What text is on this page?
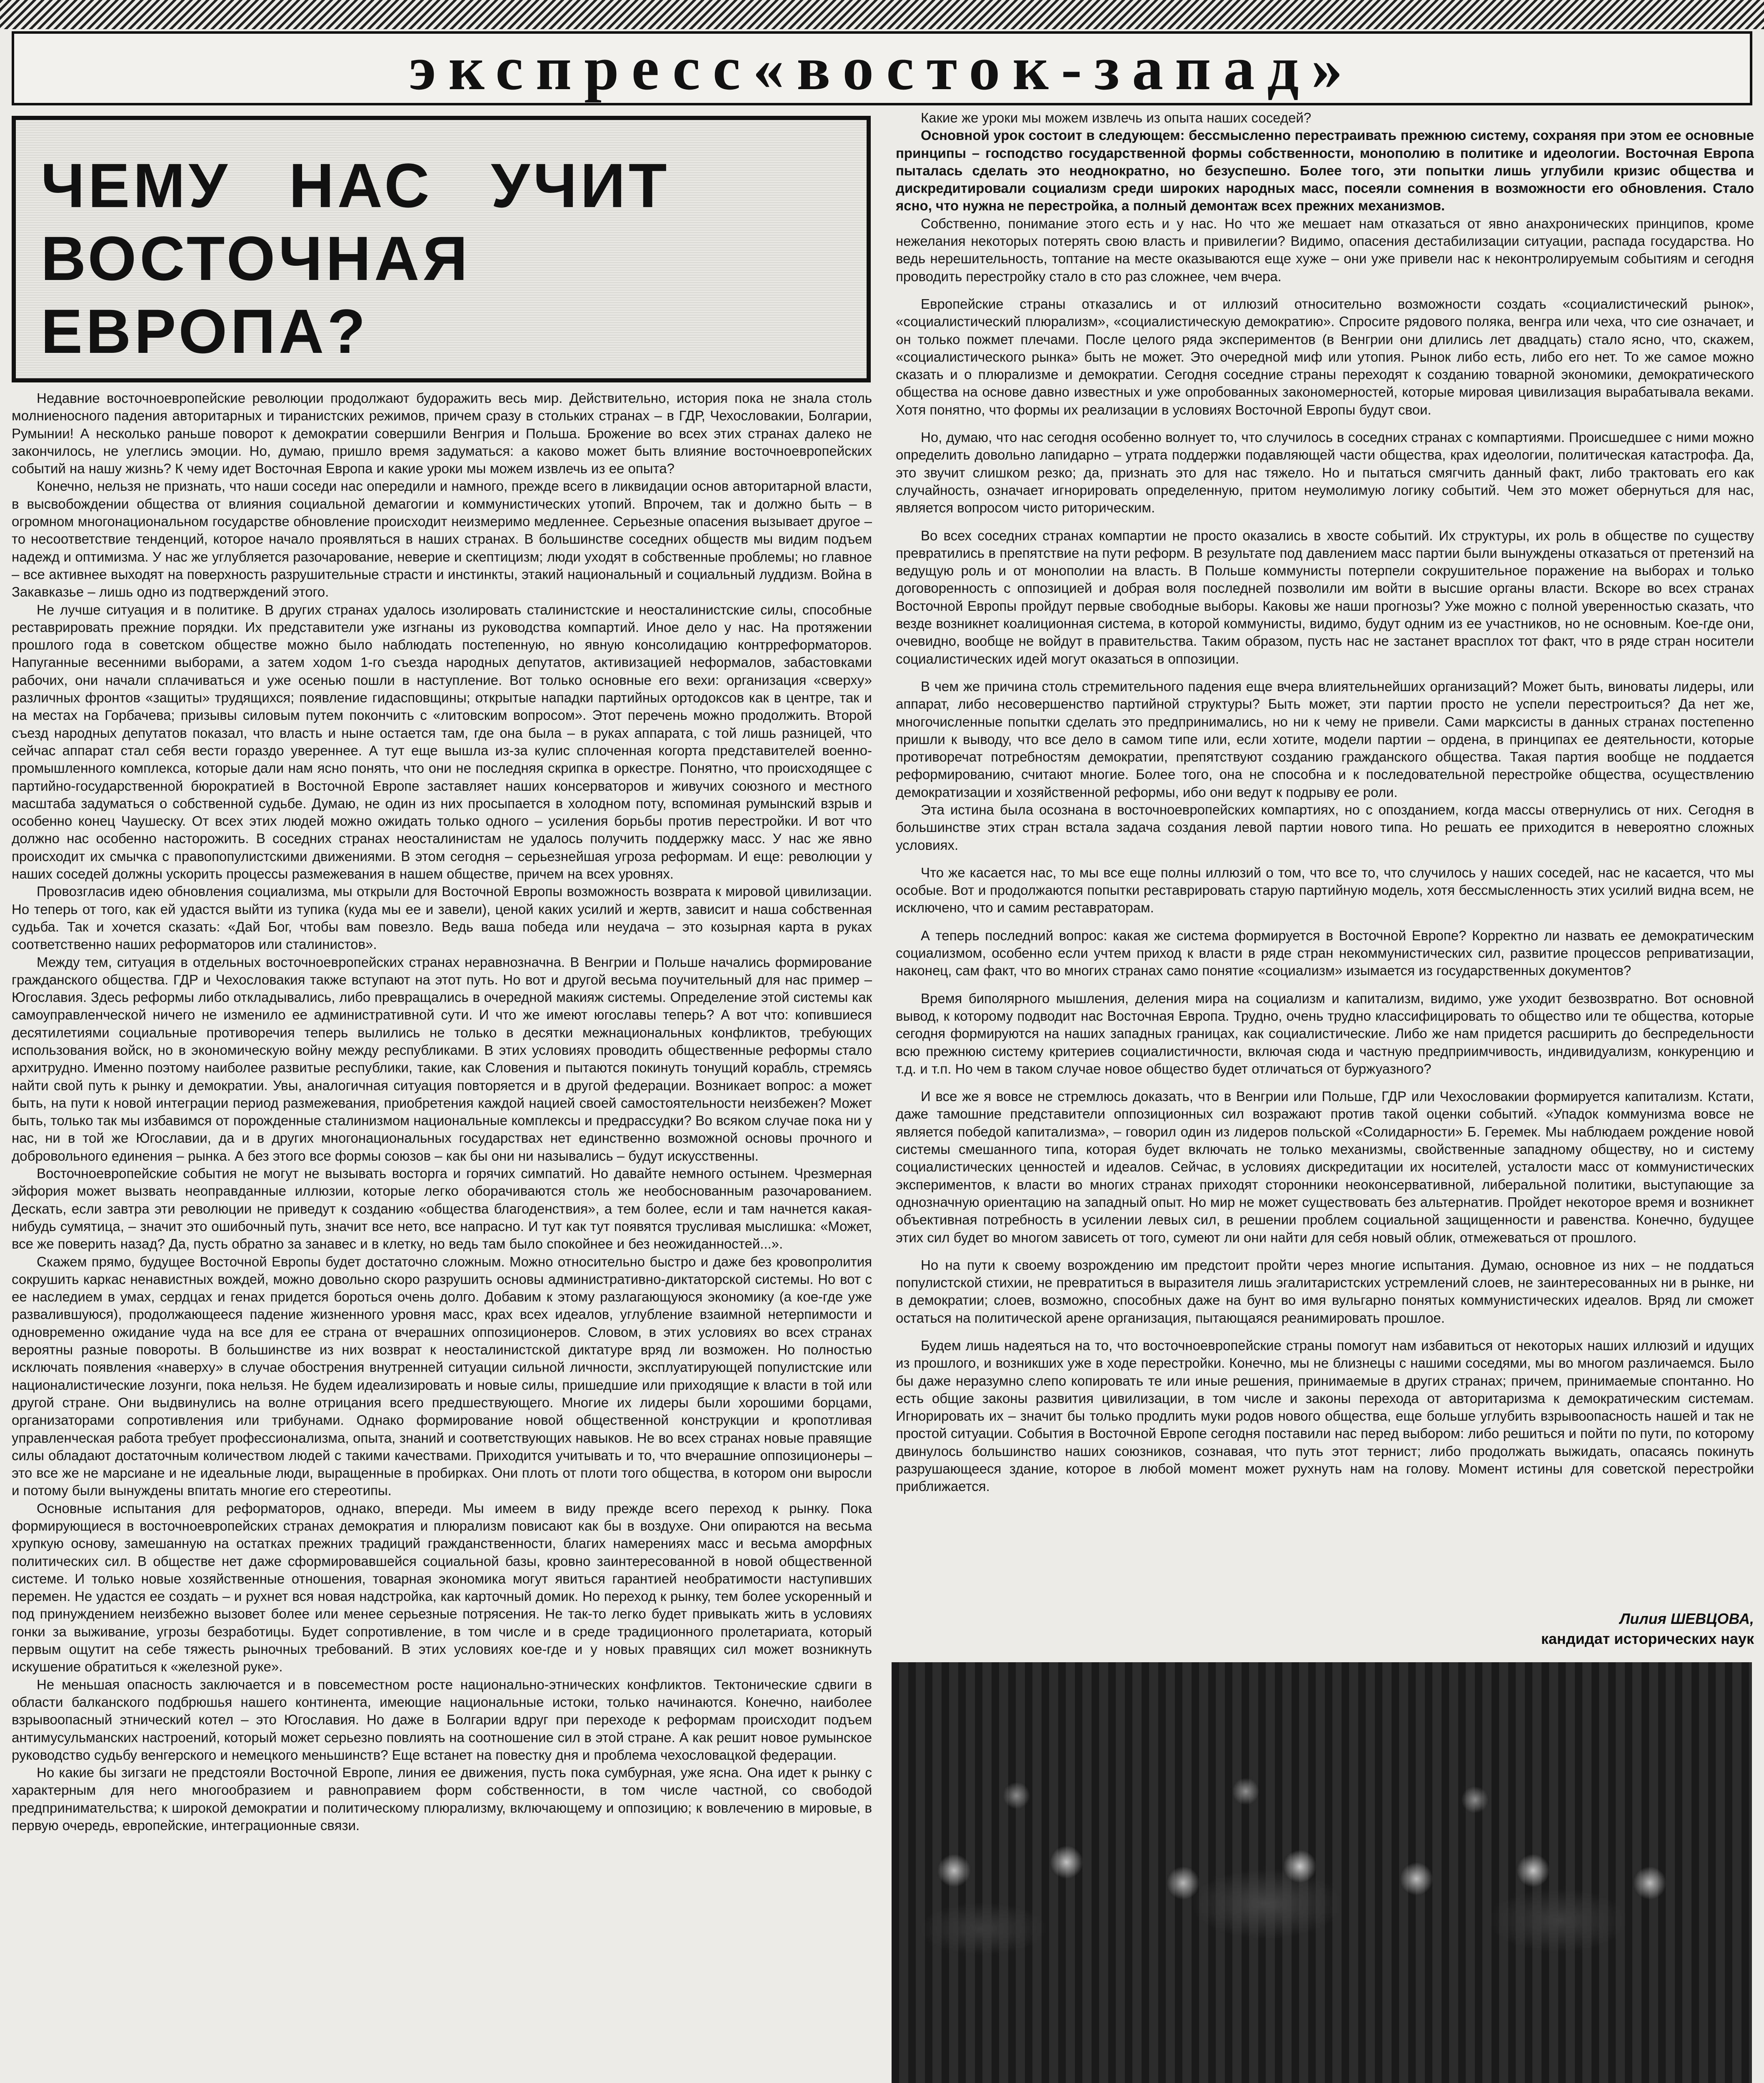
экспресс«восток-запад»
ЧЕМУ НАС УЧИТ
ВОСТОЧНАЯ ЕВРОПА?

Недавние восточноевропейские революции продолжают будоражить весь мир. Действительно, история пока не знала столь молниеносного падения авторитарных и тиранистских режимов, причем сразу в стольких странах – в ГДР, Чехословакии, Болгарии, Румынии! А несколько раньше поворот к демократии совершили Венгрия и Польша. Брожение во всех этих странах далеко не закончилось, не улеглись эмоции. Но, думаю, пришло время задуматься: а каково может быть влияние восточноевропейских событий на нашу жизнь? К чему идет Восточная Европа и какие уроки мы можем извлечь из ее опыта?

Конечно, нельзя не признать, что наши соседи нас опередили и намного, прежде всего в ликвидации основ авторитарной власти, в высвобождении общества от влияния социальной демагогии и коммунистических утопий. Впрочем, так и должно быть – в огромном многонациональном государстве обновление происходит неизмеримо медленнее. Серьезные опасения вызывает другое – то несоответствие тенденций, которое начало проявляться в наших странах. В большинстве соседних обществ мы видим подъем надежд и оптимизма. У нас же углубляется разочарование, неверие и скептицизм; люди уходят в собственные проблемы; но главное – все активнее выходят на поверхность разрушительные страсти и инстинкты, этакий национальный и социальный луддизм. Война в Закавказье – лишь одно из подтверждений этого.

Не лучше ситуация и в политике. В других странах удалось изолировать сталинистские и неосталинистские силы, способные реставрировать прежние порядки. Их представители уже изгнаны из руководства компартий. Иное дело у нас. На протяжении прошлого года в советском обществе можно было наблюдать постепенную, но явную консолидацию контрреформаторов. Напуганные весенними выборами, а затем ходом 1-го съезда народных депутатов, активизацией неформалов, забастовками рабочих, они начали сплачиваться и уже осенью пошли в наступление. Вот только основные его вехи: организация «сверху» различных фронтов «защиты» трудящихся; появление гидасповщины; открытые нападки партийных ортодоксов как в центре, так и на местах на Горбачева; призывы силовым путем покончить с «литовским вопросом». Этот перечень можно продолжить. Второй съезд народных депутатов показал, что власть и ныне остается там, где она была – в руках аппарата, с той лишь разницей, что сейчас аппарат стал себя вести гораздо увереннее. А тут еще вышла из-за кулис сплоченная когорта представителей военно-промышленного комплекса, которые дали нам ясно понять, что они не последняя скрипка в оркестре. Понятно, что происходящее с партийно-государственной бюрократией в Восточной Европе заставляет наших консерваторов и живучих союзного и местного масштаба задуматься о собственной судьбе. Думаю, не один из них просыпается в холодном поту, вспоминая румынский взрыв и особенно конец Чаушеску. От всех этих людей можно ожидать только одного – усиления борьбы против перестройки. И вот что должно нас особенно насторожить. В соседних странах неосталинистам не удалось получить поддержку масс. У нас же явно происходит их смычка с правопопулистскими движениями. В этом сегодня – серьезнейшая угроза реформам. И еще: революции у наших соседей должны ускорить процессы размежевания в нашем обществе, причем на всех уровнях.

Провозгласив идею обновления социализма, мы открыли для Восточной Европы возможность возврата к мировой цивилизации. Но теперь от того, как ей удастся выйти из тупика (куда мы ее и завели), ценой каких усилий и жертв, зависит и наша собственная судьба. Так и хочется сказать: «Дай Бог, чтобы вам повезло. Ведь ваша победа или неудача – это козырная карта в руках соответственно наших реформаторов или сталинистов».

Между тем, ситуация в отдельных восточноевропейских странах неравнозначна. В Венгрии и Польше начались формирование гражданского общества. ГДР и Чехословакия также вступают на этот путь. Но вот и другой весьма поучительный для нас пример – Югославия. Здесь реформы либо откладывались, либо превращались в очередной макияж системы. Определение этой системы как самоуправленческой ничего не изменило ее административной сути. И что же имеют югославы теперь? А вот что: копившиеся десятилетиями социальные противоречия теперь вылились не только в десятки межнациональных конфликтов, требующих использования войск, но в экономическую войну между республиками. В этих условиях проводить общественные реформы стало архитрудно. Именно поэтому наиболее развитые республики, такие, как Словения и пытаются покинуть тонущий корабль, стремясь найти свой путь к рынку и демократии. Увы, аналогичная ситуация повторяется и в другой федерации. Возникает вопрос: а может быть, на пути к новой интеграции период размежевания, приобретения каждой нацией своей самостоятельности неизбежен? Может быть, только так мы избавимся от порожденные сталинизмом национальные комплексы и предрассудки? Во всяком случае пока ни у нас, ни в той же Югославии, да и в других многонациональных государствах нет единственно возможной основы прочного и добровольного единения – рынка. А без этого все формы союзов – как бы они ни назывались – будут искусственны.

Восточноевропейские события не могут не вызывать восторга и горячих симпатий. Но давайте немного остынем. Чрезмерная эйфория может вызвать неоправданные иллюзии, которые легко оборачиваются столь же необоснованным разочарованием. Дескать, если завтра эти революции не приведут к созданию «общества благоденствия», а тем более, если и там начнется какая-нибудь сумятица, – значит это ошибочный путь, значит все нето, все напрасно. И тут как тут появятся трусливая мыслишка: «Может, все же поверить назад? Да, пусть обратно за занавес и в клетку, но ведь там было спокойнее и без неожиданностей...».

Скажем прямо, будущее Восточной Европы будет достаточно сложным. Можно относительно быстро и даже без кровопролития сокрушить каркас ненавистных вождей, можно довольно скоро разрушить основы административно-диктаторской системы. Но вот с ее наследием в умах, сердцах и генах придется бороться очень долго. Добавим к этому разлагающуюся экономику (а кое-где уже развалившуюся), продолжающееся падение жизненного уровня масс, крах всех идеалов, углубление взаимной нетерпимости и одновременно ожидание чуда на все для ее страна от вчерашних оппозиционеров. Словом, в этих условиях во всех странах вероятны разные повороты. В большинстве из них возврат к неосталинистской диктатуре вряд ли возможен. Но полностью исключать появления «наверху» в случае обострения внутренней ситуации сильной личности, эксплуатирующей популистские или националистические лозунги, пока нельзя. Не будем идеализировать и новые силы, пришедшие или приходящие к власти в той или другой стране. Они выдвинулись на волне отрицания всего предшествующего. Многие их лидеры были хорошими борцами, организаторами сопротивления или трибунами. Однако формирование новой общественной конструкции и кропотливая управленческая работа требует профессионализма, опыта, знаний и соответствующих навыков. Не во всех странах новые правящие силы обладают достаточным количеством людей с такими качествами. Приходится учитывать и то, что вчерашние оппозиционеры – это все же не марсиане и не идеальные люди, выращенные в пробирках. Они плоть от плоти того общества, в котором они выросли и потому были вынуждены впитать многие его стереотипы.

Основные испытания для реформаторов, однако, впереди. Мы имеем в виду прежде всего переход к рынку. Пока формирующиеся в восточноевропейских странах демократия и плюрализм повисают как бы в воздухе. Они опираются на весьма хрупкую основу, замешанную на остатках прежних традиций гражданственности, благих намерениях масс и весьма аморфных политических сил. В обществе нет даже сформировавшейся социальной базы, кровно заинтересованной в новой общественной системе. И только новые хозяйственные отношения, товарная экономика могут явиться гарантией необратимости наступивших перемен. Не удастся ее создать – и рухнет вся новая надстройка, как карточный домик. Но переход к рынку, тем более ускоренный и под принуждением неизбежно вызовет более или менее серьезные потрясения. Не так-то легко будет привыкать жить в условиях гонки за выживание, угрозы безработицы. Будет сопротивление, в том числе и в среде традиционного пролетариата, который первым ощутит на себе тяжесть рыночных требований. В этих условиях кое-где и у новых правящих сил может возникнуть искушение обратиться к «железной руке».

Не меньшая опасность заключается и в повсеместном росте национально-этнических конфликтов. Тектонические сдвиги в области балканского подбрюшья нашего континента, имеющие национальные истоки, только начинаются. Конечно, наиболее взрывоопасный этнический котел – это Югославия. Но даже в Болгарии вдруг при переходе к реформам происходит подъем антимусульманских настроений, который может серьезно повлиять на соотношение сил в этой стране. А как решит новое румынское руководство судьбу венгерского и немецкого меньшинств? Еще встанет на повестку дня и проблема чехословацкой федерации.

Но какие бы зигзаги не предстояли Восточной Европе, линия ее движения, пусть пока сумбурная, уже ясна. Она идет к рынку с характерным для него многообразием и равноправием форм собственности, в том числе частной, со свободой предпринимательства; к широкой демократии и политическому плюрализму, включающему и оппозицию; к вовлечению в мировые, в первую очередь, европейские, интеграционные связи.

Какие же уроки мы можем извлечь из опыта наших соседей?

Основной урок состоит в следующем: бессмысленно перестраивать прежнюю систему, сохраняя при этом ее основные принципы – господство государственной формы собственности, монополию в политике и идеологии. Восточная Европа пыталась сделать это неоднократно, но безуспешно. Более того, эти попытки лишь углубили кризис общества и дискредитировали социализм среди широких народных масс, посеяли сомнения в возможности его обновления. Стало ясно, что нужна не перестройка, а полный демонтаж всех прежних механизмов.

Собственно, понимание этого есть и у нас. Но что же мешает нам отказаться от явно анахронических принципов, кроме нежелания некоторых потерять свою власть и привилегии? Видимо, опасения дестабилизации ситуации, распада государства. Но ведь нерешительность, топтание на месте оказываются еще хуже – они уже привели нас к неконтролируемым событиям и сегодня проводить перестройку стало в сто раз сложнее, чем вчера.

Европейские страны отказались и от иллюзий относительно возможности создать «социалистический рынок», «социалистический плюрализм», «социалистическую демократию». Спросите рядового поляка, венгра или чеха, что сие означает, и он только пожмет плечами. После целого ряда экспериментов (в Венгрии они длились лет двадцать) стало ясно, что, скажем, «социалистического рынка» быть не может. Это очередной миф или утопия. Рынок либо есть, либо его нет. То же самое можно сказать и о плюрализме и демократии. Сегодня соседние страны переходят к созданию товарной экономики, демократического общества на основе давно известных и уже опробованных закономерностей, которые мировая цивилизация вырабатывала веками. Хотя понятно, что формы их реализации в условиях Восточной Европы будут свои.

Но, думаю, что нас сегодня особенно волнует то, что случилось в соседних странах с компартиями. Происшедшее с ними можно определить довольно лапидарно – утрата поддержки подавляющей части общества, крах идеологии, политическая катастрофа. Да, это звучит слишком резко; да, признать это для нас тяжело. Но и пытаться смягчить данный факт, либо трактовать его как случайность, означает игнорировать определенную, притом неумолимую логику событий. Чем это может обернуться для нас, является вопросом чисто риторическим.

Во всех соседних странах компартии не просто оказались в хвосте событий. Их структуры, их роль в обществе по существу превратились в препятствие на пути реформ. В результате под давлением масс партии были вынуждены отказаться от претензий на ведущую роль и от монополии на власть. В Польше коммунисты потерпели сокрушительное поражение на выборах и только договоренность с оппозицией и добрая воля последней позволили им войти в высшие органы власти. Вскоре во всех странах Восточной Европы пройдут первые свободные выборы. Каковы же наши прогнозы? Уже можно с полной уверенностью сказать, что везде возникнет коалиционная система, в которой коммунисты, видимо, будут одним из ее участников, но не основным. Кое-где они, очевидно, вообще не войдут в правительства. Таким образом, пусть нас не застанет врасплох тот факт, что в ряде стран носители социалистических идей могут оказаться в оппозиции.

В чем же причина столь стремительного падения еще вчера влиятельнейших организаций? Может быть, виноваты лидеры, или аппарат, либо несовершенство партийной структуры? Быть может, эти партии просто не успели перестроиться? Да нет же, многочисленные попытки сделать это предпринимались, но ни к чему не привели. Сами марксисты в данных странах постепенно пришли к выводу, что все дело в самом типе или, если хотите, модели партии – ордена, в принципах ее деятельности, которые противоречат потребностям демократии, препятствуют созданию гражданского общества. Такая партия вообще не поддается реформированию, считают многие. Более того, она не способна и к последовательной перестройке общества, осуществлению демократизации и хозяйственной реформы, ибо они ведут к подрыву ее роли.

Эта истина была осознана в восточноевропейских компартиях, но с опозданием, когда массы отвернулись от них. Сегодня в большинстве этих стран встала задача создания левой партии нового типа. Но решать ее приходится в невероятно сложных условиях.

Что же касается нас, то мы все еще полны иллюзий о том, что все то, что случилось у наших соседей, нас не касается, что мы особые. Вот и продолжаются попытки реставрировать старую партийную модель, хотя бессмысленность этих усилий видна всем, не исключено, что и самим реставраторам.

А теперь последний вопрос: какая же система формируется в Восточной Европе? Корректно ли назвать ее демократическим социализмом, особенно если учтем приход к власти в ряде стран некоммунистических сил, развитие процессов реприватизации, наконец, сам факт, что во многих странах само понятие «социализм» изымается из государственных документов?

Время биполярного мышления, деления мира на социализм и капитализм, видимо, уже уходит безвозвратно. Вот основной вывод, к которому подводит нас Восточная Европа. Трудно, очень трудно классифицировать то общество или те общества, которые сегодня формируются на наших западных границах, как социалистические. Либо же нам придется расширить до беспредельности всю прежнюю систему критериев социалистичности, включая сюда и частную предприимчивость, индивидуализм, конкуренцию и т.д. и т.п. Но чем в таком случае новое общество будет отличаться от буржуазного?

И все же я вовсе не стремлюсь доказать, что в Венгрии или Польше, ГДР или Чехословакии формируется капитализм. Кстати, даже тамошние представители оппозиционных сил возражают против такой оценки событий. «Упадок коммунизма вовсе не является победой капитализма», – говорил один из лидеров польской «Солидарности» Б. Геремек. Мы наблюдаем рождение новой системы смешанного типа, которая будет включать не только механизмы, свойственные западному обществу, но и систему социалистических ценностей и идеалов. Сейчас, в условиях дискредитации их носителей, усталости масс от коммунистических экспериментов, к власти во многих странах приходят сторонники неоконсервативной, либеральной политики, выступающие за однозначную ориентацию на западный опыт. Но мир не может существовать без альтернатив. Пройдет некоторое время и возникнет объективная потребность в усилении левых сил, в решении проблем социальной защищенности и равенства. Конечно, будущее этих сил будет во многом зависеть от того, сумеют ли они найти для себя новый облик, отмежеваться от прошлого.

Но на пути к своему возрождению им предстоит пройти через многие испытания. Думаю, основное из них – не поддаться популистской стихии, не превратиться в выразителя лишь эгалитаристских устремлений слоев, не заинтересованных ни в рынке, ни в демократии; слоев, возможно, способных даже на бунт во имя вульгарно понятых коммунистических идеалов. Вряд ли сможет остаться на политической арене организация, пытающаяся реанимировать прошлое.

Будем лишь надеяться на то, что восточноевропейские страны помогут нам избавиться от некоторых наших иллюзий и идущих из прошлого, и возникших уже в ходе перестройки. Конечно, мы не близнецы с нашими соседями, мы во многом различаемся. Было бы даже неразумно слепо копировать те или иные решения, принимаемые в других странах; причем, принимаемые спонтанно. Но есть общие законы развития цивилизации, в том числе и законы перехода от авторитаризма к демократическим системам. Игнорировать их – значит бы только продлить муки родов нового общества, еще больше углубить взрывоопасность нашей и так не простой ситуации. События в Восточной Европе сегодня поставили нас перед выбором: либо решиться и пойти по пути, по которому двинулось большинство наших союзников, сознавая, что путь этот тернист; либо продолжать выжидать, опасаясь покинуть разрушающееся здание, которое в любой момент может рухнуть нам на голову. Момент истины для советской перестройки приближается.

Лилия ШЕВЦОВА,
кандидат исторических наук
